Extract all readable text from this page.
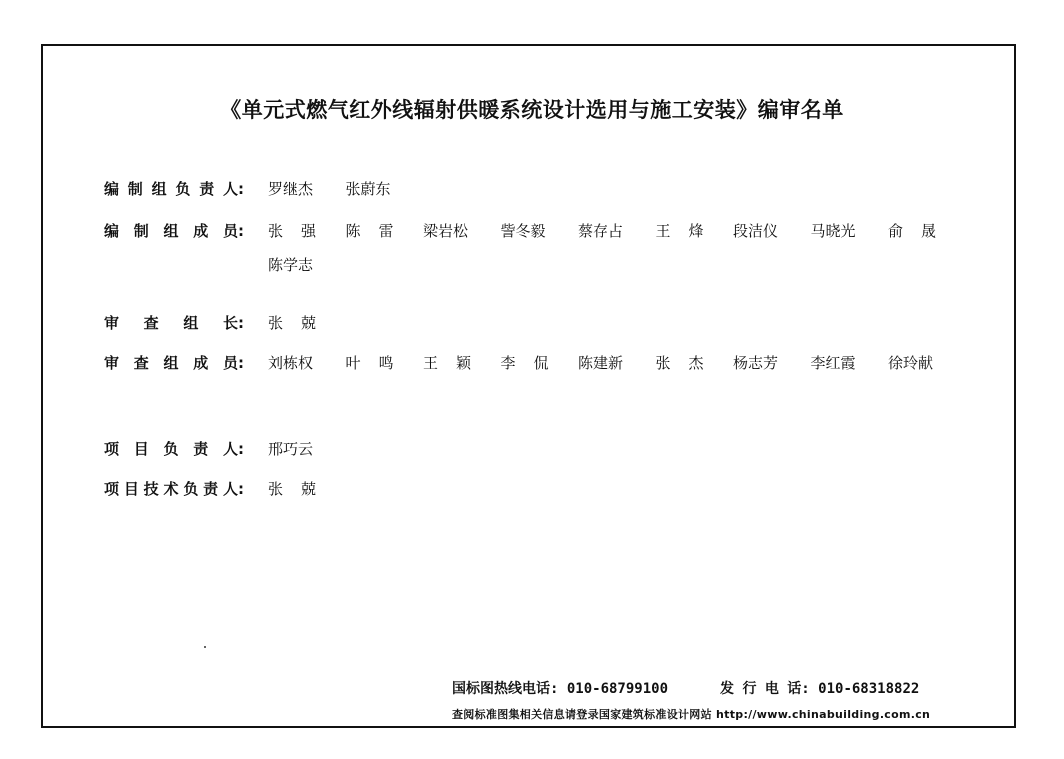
《单元式燃气红外线辐射供暖系统设计选用与施工安装》编审名单
编 制 组 负 责 人: 罗继杰 张蔚东
编 制 组 成 员: 张 强 陈 雷 梁岩松 訾冬毅 蔡存占 王 烽 段洁仪 马晓光 俞 晟
陈学志
审 查 组 长: 张 兢
审 查 组 成 员: 刘栋权 叶 鸣 王 颖 李 侃 陈建新 张 杰 杨志芳 李红霞 徐玲献
项 目 负 责 人: 邢巧云
项 目 技 术 负 责 人: 张 兢
国标图热线电话: 010-68799100	发 行 电 话: 010-68318822
查阅标准图集相关信息请登录国家建筑标准设计网站 http://www.chinabuilding.com.cn
